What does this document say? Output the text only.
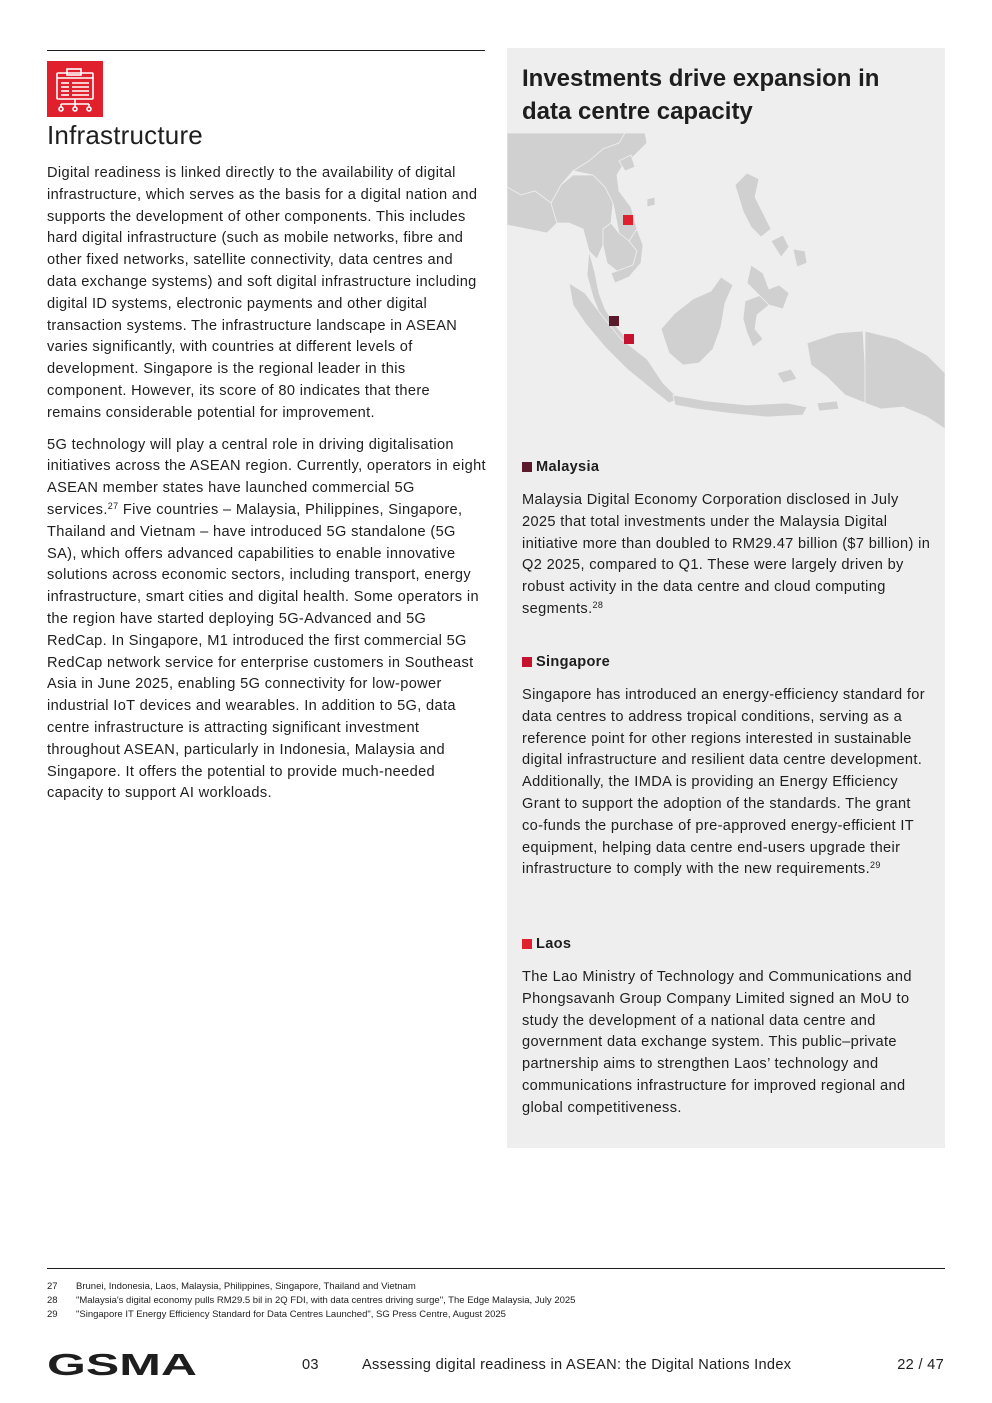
Infrastructure

Digital readiness is linked directly to the availability of digital infrastructure, which serves as the basis for a digital nation and supports the development of other components. This includes hard digital infrastructure (such as mobile networks, fibre and other fixed networks, satellite connectivity, data centres and data exchange systems) and soft digital infrastructure including digital ID systems, electronic payments and other digital transaction systems. The infrastructure landscape in ASEAN varies significantly, with countries at different levels of development. Singapore is the regional leader in this component. However, its score of 80 indicates that there remains considerable potential for improvement.

5G technology will play a central role in driving digitalisation initiatives across the ASEAN region. Currently, operators in eight ASEAN member states have launched commercial 5G services.$^{27}$ Five countries – Malaysia, Philippines, Singapore, Thailand and Vietnam – have introduced 5G standalone (5G SA), which offers advanced capabilities to enable innovative solutions across economic sectors, including transport, energy infrastructure, smart cities and digital health. Some operators in the region have started deploying 5G-Advanced and 5G RedCap. In Singapore, M1 introduced the first commercial 5G RedCap network service for enterprise customers in Southeast Asia in June 2025, enabling 5G connectivity for low-power industrial IoT devices and wearables. In addition to 5G, data centre infrastructure is attracting significant investment throughout ASEAN, particularly in Indonesia, Malaysia and Singapore. It offers the potential to provide much-needed capacity to support AI workloads.

Investments drive expansion in data centre capacity
Malaysia
Malaysia Digital Economy Corporation disclosed in July 2025 that total investments under the Malaysia Digital initiative more than doubled to RM29.47 billion ($7 billion) in Q2 2025, compared to Q1. These were largely driven by robust activity in the data centre and cloud computing segments.$^{28}$
Singapore
Singapore has introduced an energy-efficiency standard for data centres to address tropical conditions, serving as a reference point for other regions interested in sustainable digital infrastructure and resilient data centre development. Additionally, the IMDA is providing an Energy Efficiency Grant to support the adoption of the standards. The grant co-funds the purchase of pre-approved energy-efficient IT equipment, helping data centre end-users upgrade their infrastructure to comply with the new requirements.$^{29}$
Laos
The Lao Ministry of Technology and Communications and Phongsavanh Group Company Limited signed an MoU to study the development of a national data centre and government data exchange system. This public–private partnership aims to strengthen Laos’ technology and communications infrastructure for improved regional and global competitiveness.
27	Brunei, Indonesia, Laos, Malaysia, Philippines, Singapore, Thailand and Vietnam
28	"Malaysia's digital economy pulls RM29.5 bil in 2Q FDI, with data centres driving surge", The Edge Malaysia, July 2025
29	"Singapore IT Energy Efficiency Standard for Data Centres Launched", SG Press Centre, August 2025
GSMA	03	Assessing digital readiness in ASEAN: the Digital Nations Index	22 / 47
